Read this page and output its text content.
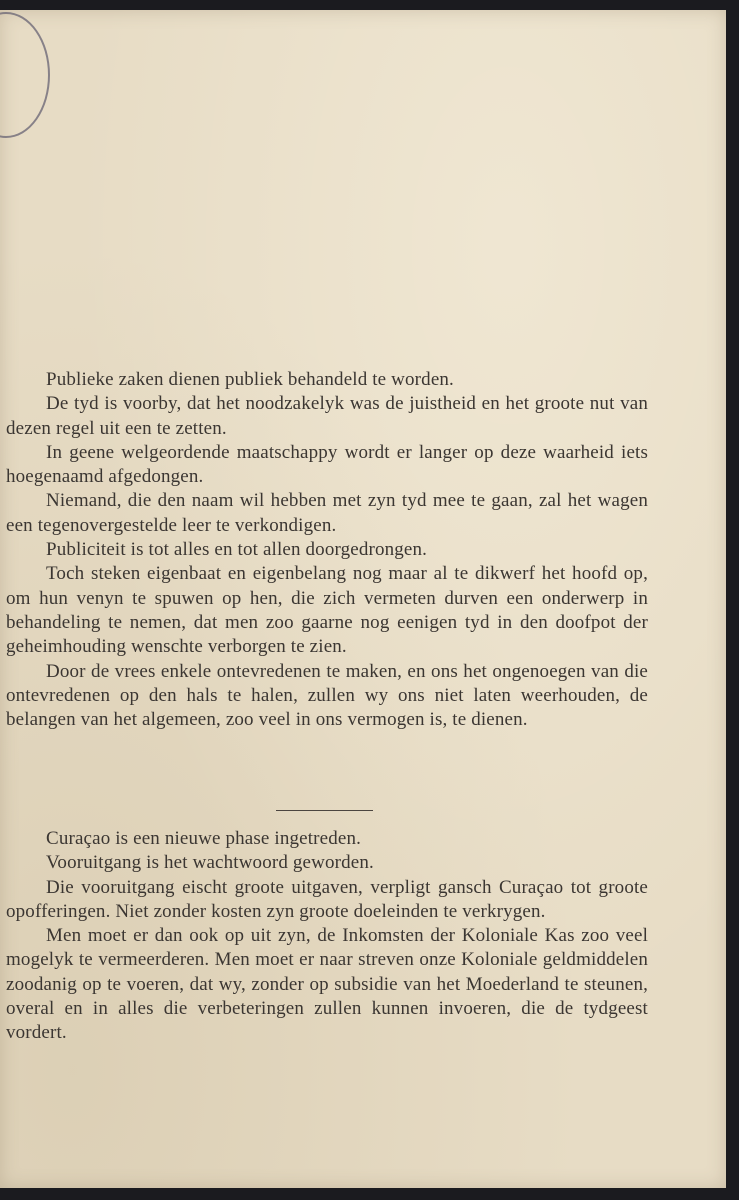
Publieke zaken dienen publiek behandeld te worden.

De tyd is voorby, dat het noodzakelyk was de juistheid en het groote nut van dezen regel uit een te zetten.

In geene welgeordende maatschappy wordt er langer op deze waarheid iets hoegenaamd afgedongen.

Niemand, die den naam wil hebben met zyn tyd mee te gaan, zal het wagen een tegenovergestelde leer te verkondigen.

Publiciteit is tot alles en tot allen doorgedrongen.

Toch steken eigenbaat en eigenbelang nog maar al te dikwerf het hoofd op, om hun venyn te spuwen op hen, die zich vermeten durven een onderwerp in behandeling te nemen, dat men zoo gaarne nog eenigen tyd in den doofpot der geheimhouding wenschte verborgen te zien.

Door de vrees enkele ontevredenen te maken, en ons het ongenoegen van die ontevredenen op den hals te halen, zullen wy ons niet laten weerhouden, de belangen van het algemeen, zoo veel in ons vermogen is, te dienen.

Curaçao is een nieuwe phase ingetreden.

Vooruitgang is het wachtwoord geworden.

Die vooruitgang eischt groote uitgaven, verpligt gansch Curaçao tot groote opofferingen. Niet zonder kosten zyn groote doeleinden te verkrygen.

Men moet er dan ook op uit zyn, de Inkomsten der Koloniale Kas zoo veel mogelyk te vermeerderen. Men moet er naar streven onze Koloniale geldmiddelen zoodanig op te voeren, dat wy, zonder op subsidie van het Moederland te steunen, overal en in alles die verbeteringen zullen kunnen invoeren, die de tydgeest vordert.
